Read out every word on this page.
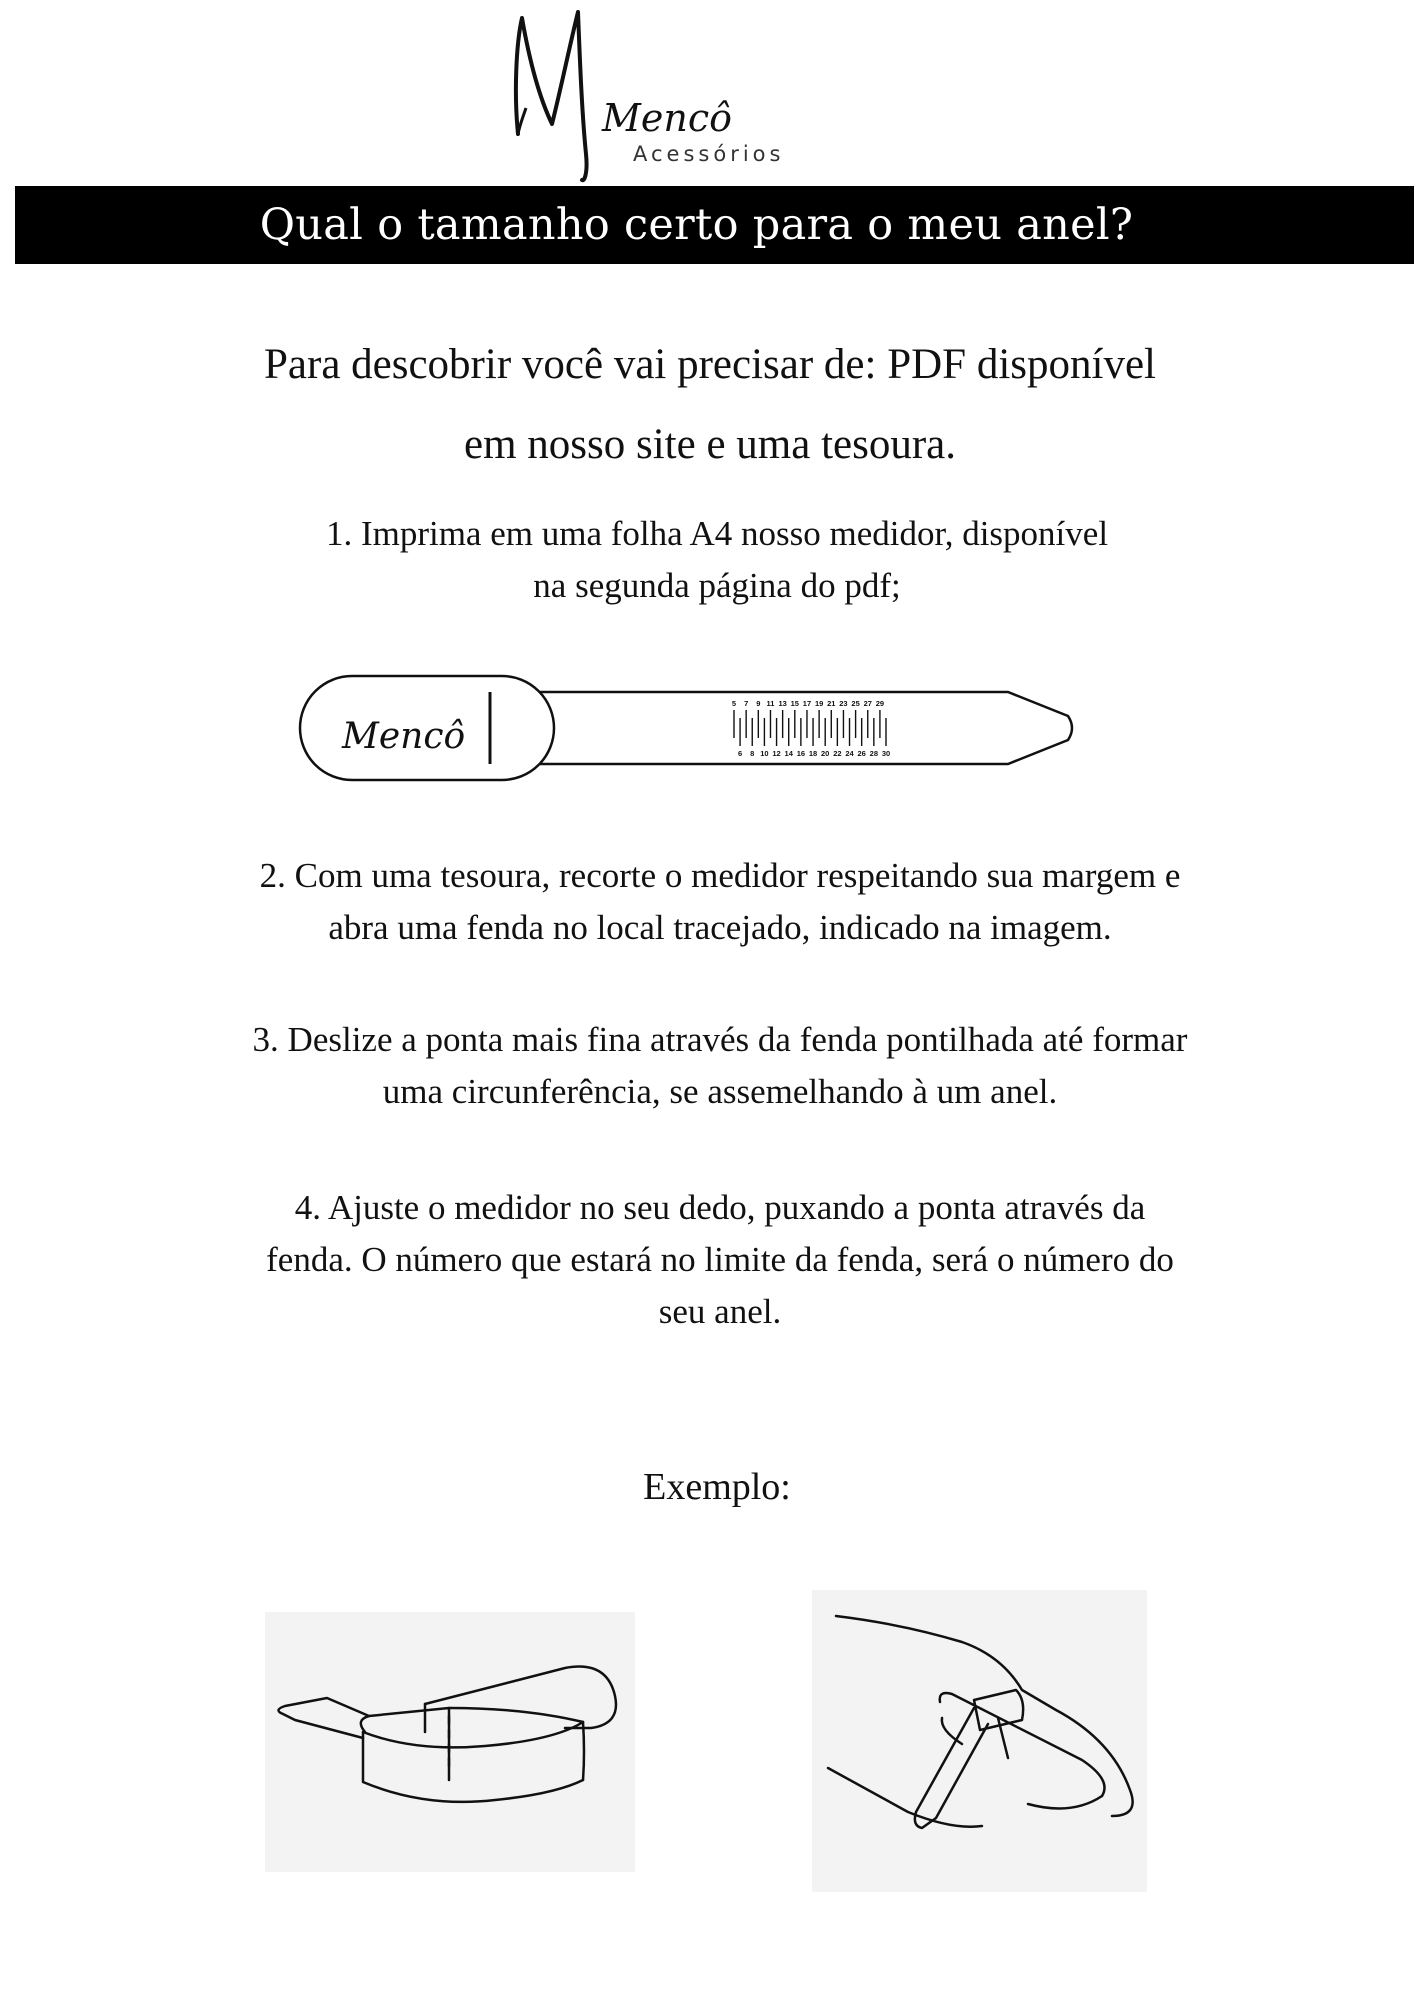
Mencô
Acessórios
Qual o tamanho certo para o meu anel?
Para descobrir você vai precisar de: PDF disponível
em nosso site e uma tesoura.
1. Imprima em uma folha A4 nosso medidor, disponível
na segunda página do pdf;
Mencô
5 7 9 11 13 15 17 19 21 23 25 27 29
6 8 10 12 14 16 18 20 22 24 26 28 30
2. Com uma tesoura, recorte o medidor respeitando sua margem e
abra uma fenda no local tracejado, indicado na imagem.
3. Deslize a ponta mais fina através da fenda pontilhada até formar
uma circunferência, se assemelhando à um anel.
4. Ajuste o medidor no seu dedo, puxando a ponta através da
fenda. O número que estará no limite da fenda, será o número do
seu anel.
Exemplo:
